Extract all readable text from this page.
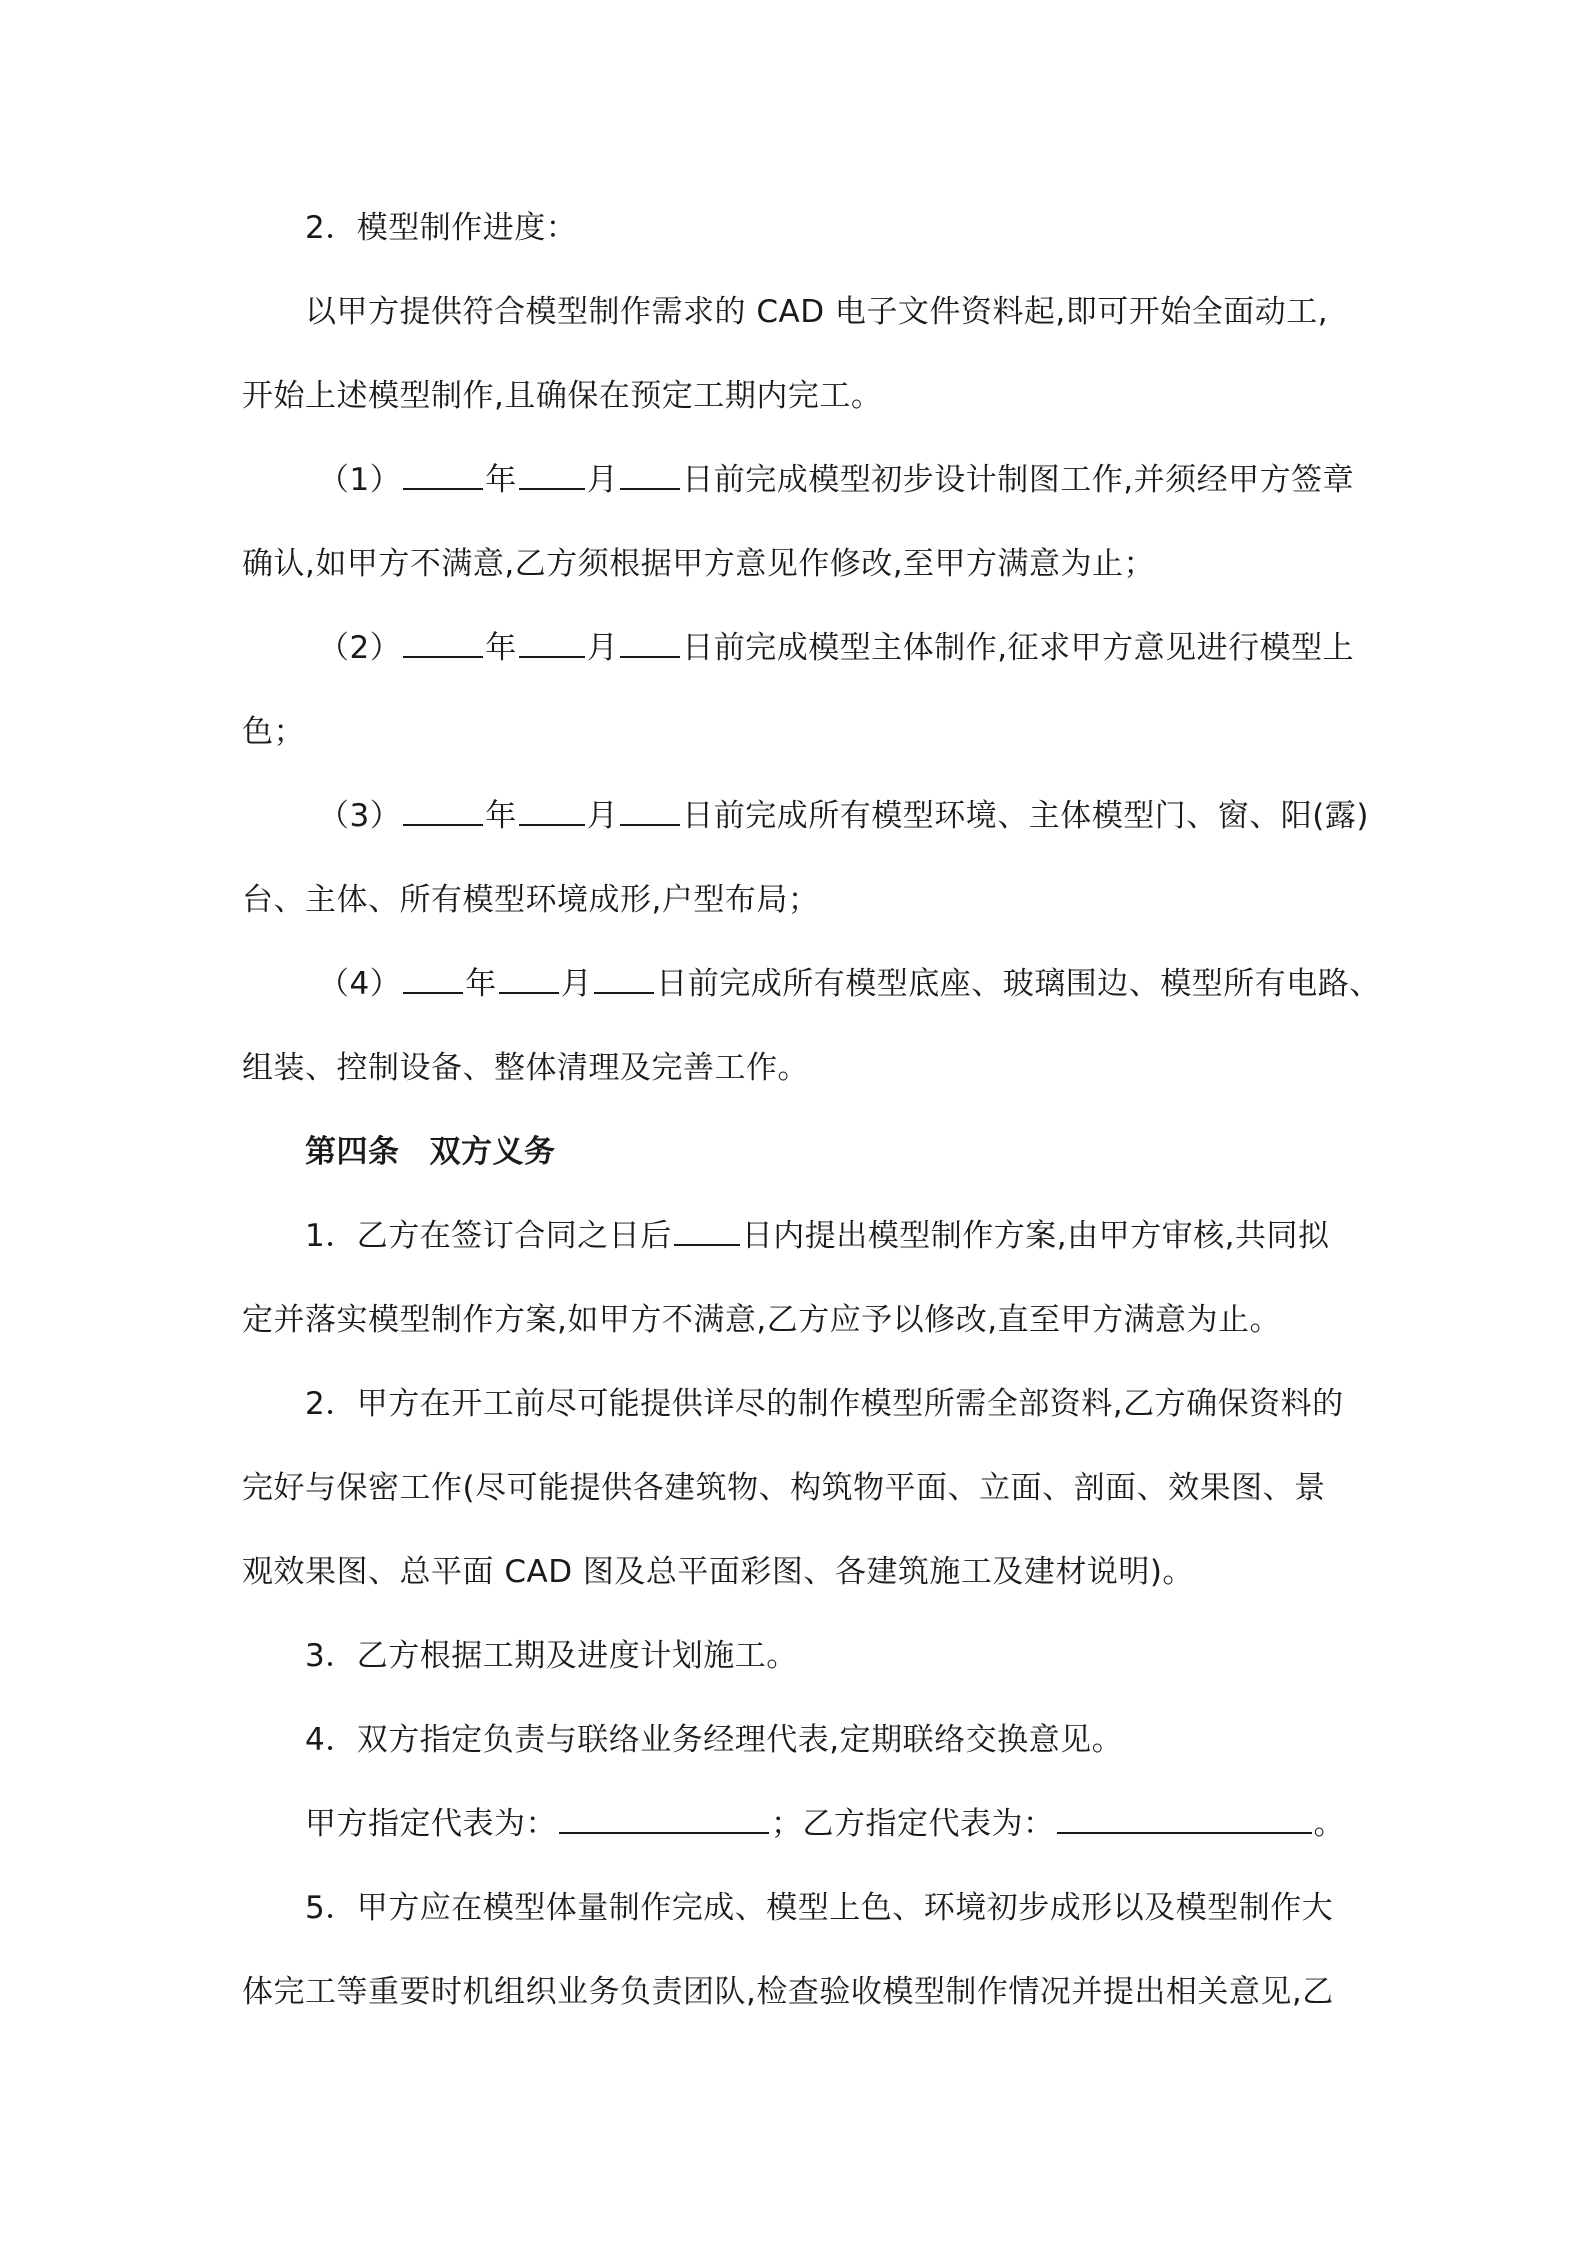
2．模型制作进度：
以甲方提供符合模型制作需求的 CAD 电子文件资料起,即可开始全面动工,
开始上述模型制作,且确保在预定工期内完工。
（1）	年 月 日前完成模型初步设计制图工作,并须经甲方签章
确认,如甲方不满意,乙方须根据甲方意见作修改,至甲方满意为止；
（2）	年 月 日前完成模型主体制作,征求甲方意见进行模型上
色；
（3）	年 月 日前完成所有模型环境、主体模型门、窗、阳(露)
台、主体、所有模型环境成形,户型布局；
（4） 年 月 日前完成所有模型底座、玻璃围边、模型所有电路、
组装、控制设备、整体清理及完善工作。
第四条 双方义务
1．乙方在签订合同之日后 日内提出模型制作方案,由甲方审核,共同拟
定并落实模型制作方案,如甲方不满意,乙方应予以修改,直至甲方满意为止。
2．甲方在开工前尽可能提供详尽的制作模型所需全部资料,乙方确保资料的
完好与保密工作(尽可能提供各建筑物、构筑物平面、立面、剖面、效果图、景
观效果图、总平面 CAD 图及总平面彩图、各建筑施工及建材说明)。
3．乙方根据工期及进度计划施工。
4．双方指定负责与联络业务经理代表,定期联络交换意见。
甲方指定代表为：	；乙方指定代表为：	。
5．甲方应在模型体量制作完成、模型上色、环境初步成形以及模型制作大
体完工等重要时机组织业务负责团队,检查验收模型制作情况并提出相关意见,乙
